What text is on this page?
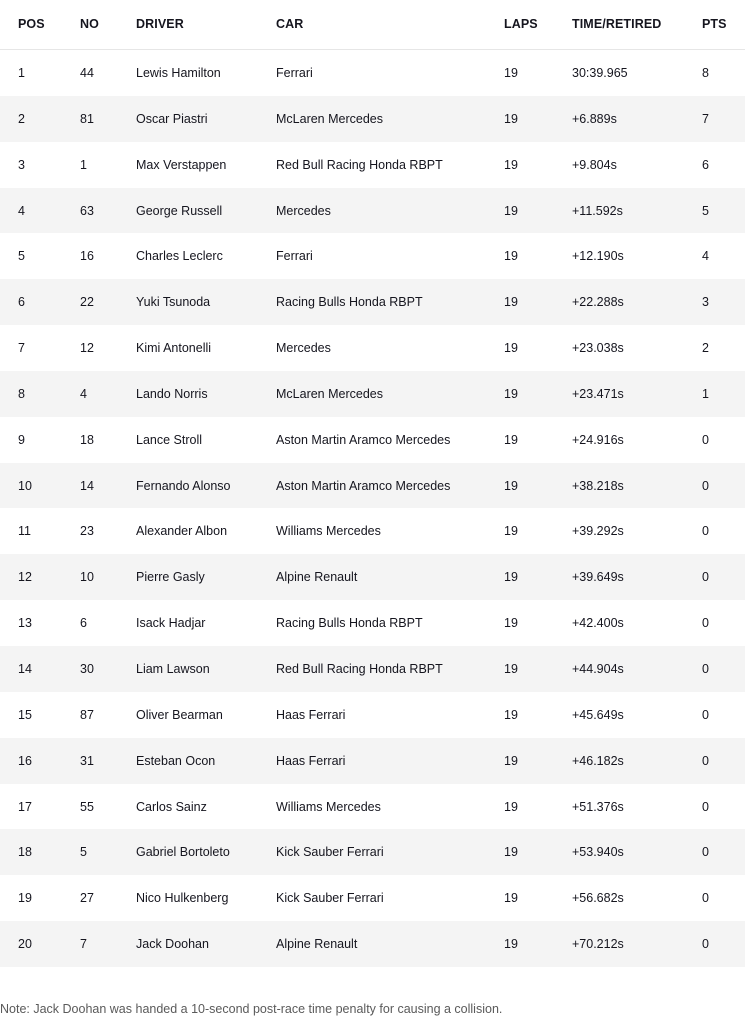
POS	NO	DRIVER	CAR	LAPS	TIME/RETIRED	PTS
1	44	Lewis Hamilton	Ferrari	19	30:39.965	8
2	81	Oscar Piastri	McLaren Mercedes	19	+6.889s	7
3	1	Max Verstappen	Red Bull Racing Honda RBPT	19	+9.804s	6
4	63	George Russell	Mercedes	19	+11.592s	5
5	16	Charles Leclerc	Ferrari	19	+12.190s	4
6	22	Yuki Tsunoda	Racing Bulls Honda RBPT	19	+22.288s	3
7	12	Kimi Antonelli	Mercedes	19	+23.038s	2
8	4	Lando Norris	McLaren Mercedes	19	+23.471s	1
9	18	Lance Stroll	Aston Martin Aramco Mercedes	19	+24.916s	0
10	14	Fernando Alonso	Aston Martin Aramco Mercedes	19	+38.218s	0
11	23	Alexander Albon	Williams Mercedes	19	+39.292s	0
12	10	Pierre Gasly	Alpine Renault	19	+39.649s	0
13	6	Isack Hadjar	Racing Bulls Honda RBPT	19	+42.400s	0
14	30	Liam Lawson	Red Bull Racing Honda RBPT	19	+44.904s	0
15	87	Oliver Bearman	Haas Ferrari	19	+45.649s	0
16	31	Esteban Ocon	Haas Ferrari	19	+46.182s	0
17	55	Carlos Sainz	Williams Mercedes	19	+51.376s	0
18	5	Gabriel Bortoleto	Kick Sauber Ferrari	19	+53.940s	0
19	27	Nico Hulkenberg	Kick Sauber Ferrari	19	+56.682s	0
20	7	Jack Doohan	Alpine Renault	19	+70.212s	0
Note: Jack Doohan was handed a 10-second post-race time penalty for causing a collision.
